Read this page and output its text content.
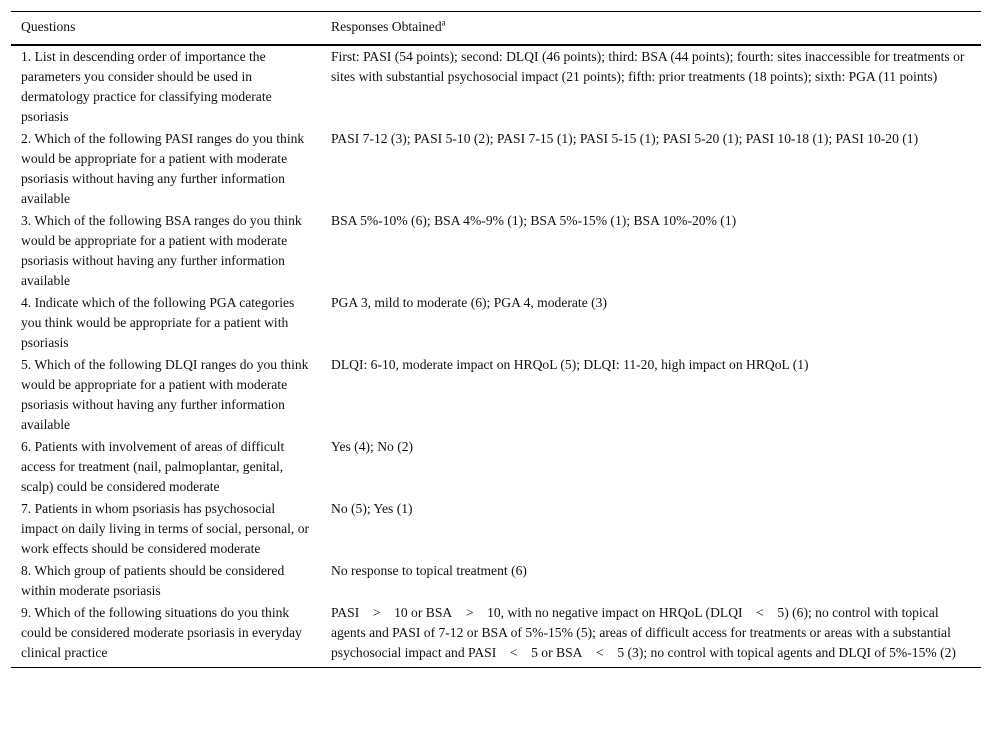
Questions	Responses Obtained$^a$
1. List in descending order of importance the parameters you consider should be used in dermatology practice for classifying moderate psoriasis	First: PASI (54 points); second: DLQI (46 points); third: BSA (44 points); fourth: sites inaccessible for treatments or sites with substantial psychosocial impact (21 points); fifth: prior treatments (18 points); sixth: PGA (11 points)
2. Which of the following PASI ranges do you think would be appropriate for a patient with moderate psoriasis without having any further information available	PASI 7-12 (3); PASI 5-10 (2); PASI 7-15 (1); PASI 5-15 (1); PASI 5-20 (1); PASI 10-18 (1); PASI 10-20 (1)
3. Which of the following BSA ranges do you think would be appropriate for a patient with moderate psoriasis without having any further information available	BSA 5%-10% (6); BSA 4%-9% (1); BSA 5%-15% (1); BSA 10%-20% (1)
4. Indicate which of the following PGA categories you think would be appropriate for a patient with psoriasis	PGA 3, mild to moderate (6); PGA 4, moderate (3)
5. Which of the following DLQI ranges do you think would be appropriate for a patient with moderate psoriasis without having any further information available	DLQI: 6-10, moderate impact on HRQoL (5); DLQI: 11-20, high impact on HRQoL (1)
6. Patients with involvement of areas of difficult access for treatment (nail, palmoplantar, genital, scalp) could be considered moderate	Yes (4); No (2)
7. Patients in whom psoriasis has psychosocial impact on daily living in terms of social, personal, or work effects should be considered moderate	No (5); Yes (1)
8. Which group of patients should be considered within moderate psoriasis	No response to topical treatment (6)
9. Which of the following situations do you think could be considered moderate psoriasis in everyday clinical practice	PASI > 10 or BSA > 10, with no negative impact on HRQoL (DLQI < 5) (6); no control with topical agents and PASI of 7-12 or BSA of 5%-15% (5); areas of difficult access for treatments or areas with a substantial psychosocial impact and PASI < 5 or BSA < 5 (3); no control with topical agents and DLQI of 5%-15% (2)
